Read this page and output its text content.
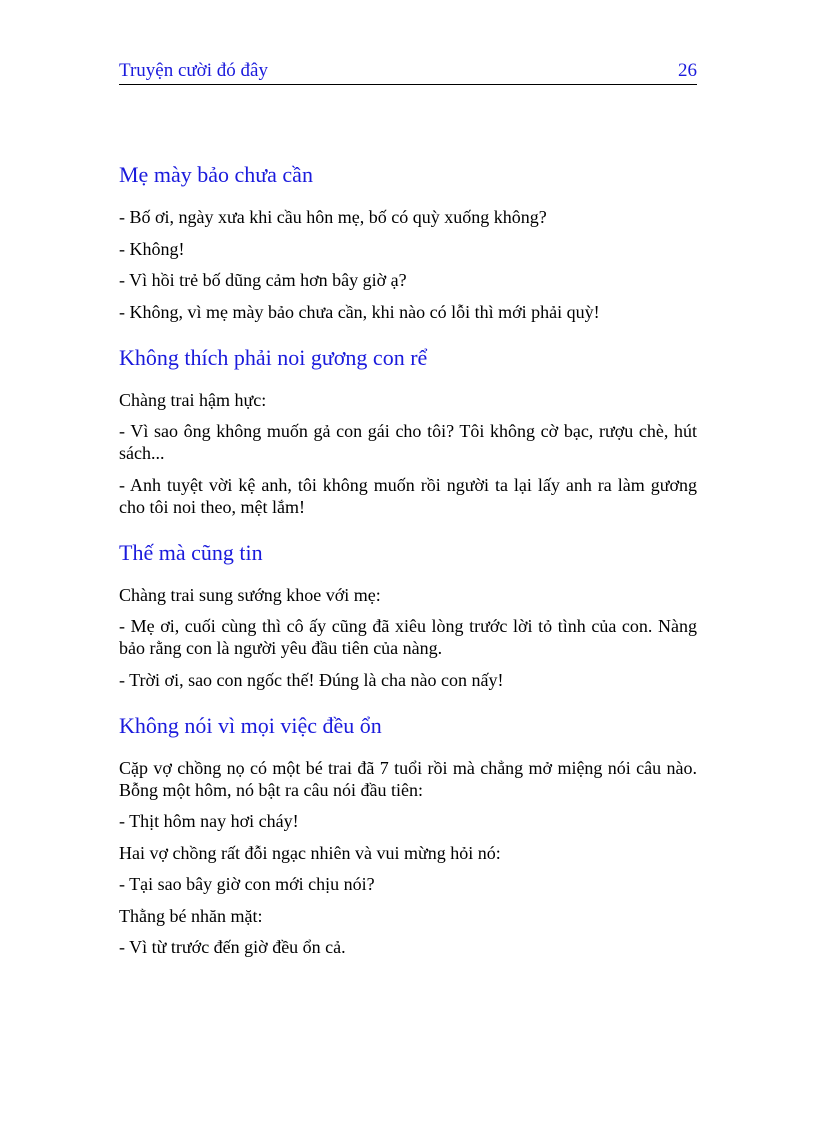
Truyện cười đó đây	26
Mẹ mày bảo chưa cần

- Bố ơi, ngày xưa khi cầu hôn mẹ, bố có quỳ xuống không?

- Không!

- Vì hồi trẻ bố dũng cảm hơn bây giờ ạ?

- Không, vì mẹ mày bảo chưa cần, khi nào có lỗi thì mới phải quỳ!

Không thích phải noi gương con rể

Chàng trai hậm hực:

- Vì sao ông không muốn gả con gái cho tôi? Tôi không cờ bạc, rượu chè, hút sách...

- Anh tuyệt vời kệ anh, tôi không muốn rồi người ta lại lấy anh ra làm gương cho tôi noi theo, mệt lắm!

Thế mà cũng tin

Chàng trai sung sướng khoe với mẹ:

- Mẹ ơi, cuối cùng thì cô ấy cũng đã xiêu lòng trước lời tỏ tình của con. Nàng bảo rằng con là người yêu đầu tiên của nàng.

- Trời ơi, sao con ngốc thế! Đúng là cha nào con nấy!

Không nói vì mọi việc đều ổn

Cặp vợ chồng nọ có một bé trai đã 7 tuổi rồi mà chẳng mở miệng nói câu nào. Bỗng một hôm, nó bật ra câu nói đầu tiên:

- Thịt hôm nay hơi cháy!

Hai vợ chồng rất đỗi ngạc nhiên và vui mừng hỏi nó:

- Tại sao bây giờ con mới chịu nói?

Thằng bé nhăn mặt:

- Vì từ trước đến giờ đều ổn cả.
